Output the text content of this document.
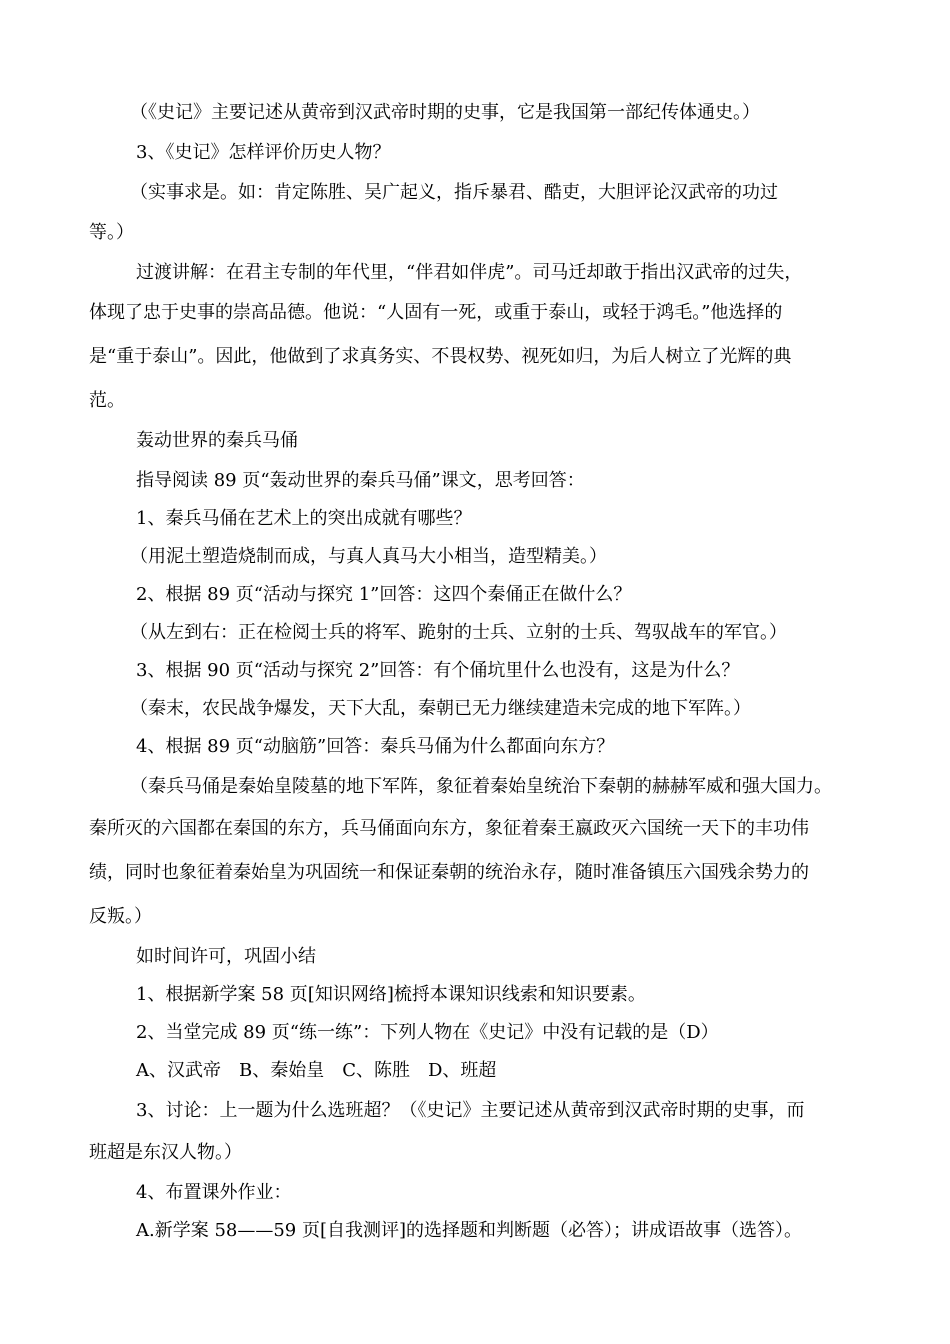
（《史记》主要记述从黄帝到汉武帝时期的史事，它是我国第一部纪传体通史。）

3、《史记》怎样评价历史人物？

（实事求是。如：肯定陈胜、吴广起义，指斥暴君、酷吏，大胆评论汉武帝的功过

等。）

过渡讲解：在君主专制的年代里，“伴君如伴虎”。司马迁却敢于指出汉武帝的过失，

体现了忠于史事的崇高品德。他说：“人固有一死，或重于泰山，或轻于鸿毛。”他选择的

是“重于泰山”。因此，他做到了求真务实、不畏权势、视死如归，为后人树立了光辉的典

范。

轰动世界的秦兵马俑

指导阅读 89 页“轰动世界的秦兵马俑”课文，思考回答：

1、秦兵马俑在艺术上的突出成就有哪些？

（用泥土塑造烧制而成，与真人真马大小相当，造型精美。）

2、根据 89 页“活动与探究 1”回答：这四个秦俑正在做什么？

（从左到右：正在检阅士兵的将军、跪射的士兵、立射的士兵、驾驭战车的军官。）

3、根据 90 页“活动与探究 2”回答：有个俑坑里什么也没有，这是为什么？

（秦末，农民战争爆发，天下大乱，秦朝已无力继续建造未完成的地下军阵。）

4、根据 89 页“动脑筋”回答：秦兵马俑为什么都面向东方？

（秦兵马俑是秦始皇陵墓的地下军阵，象征着秦始皇统治下秦朝的赫赫军威和强大国力。

秦所灭的六国都在秦国的东方，兵马俑面向东方，象征着秦王嬴政灭六国统一天下的丰功伟

绩，同时也象征着秦始皇为巩固统一和保证秦朝的统治永存，随时准备镇压六国残余势力的

反叛。）

如时间许可，巩固小结

1、根据新学案 58 页[知识网络]梳捋本课知识线索和知识要素。

2、当堂完成 89 页“练一练”：下列人物在《史记》中没有记载的是（D）

A、汉武帝　B、秦始皇　C、陈胜　D、班超

3、讨论：上一题为什么选班超？（《史记》主要记述从黄帝到汉武帝时期的史事，而

班超是东汉人物。）

4、布置课外作业：

A.新学案 58——59 页[自我测评]的选择题和判断题（必答）；讲成语故事（选答）。
